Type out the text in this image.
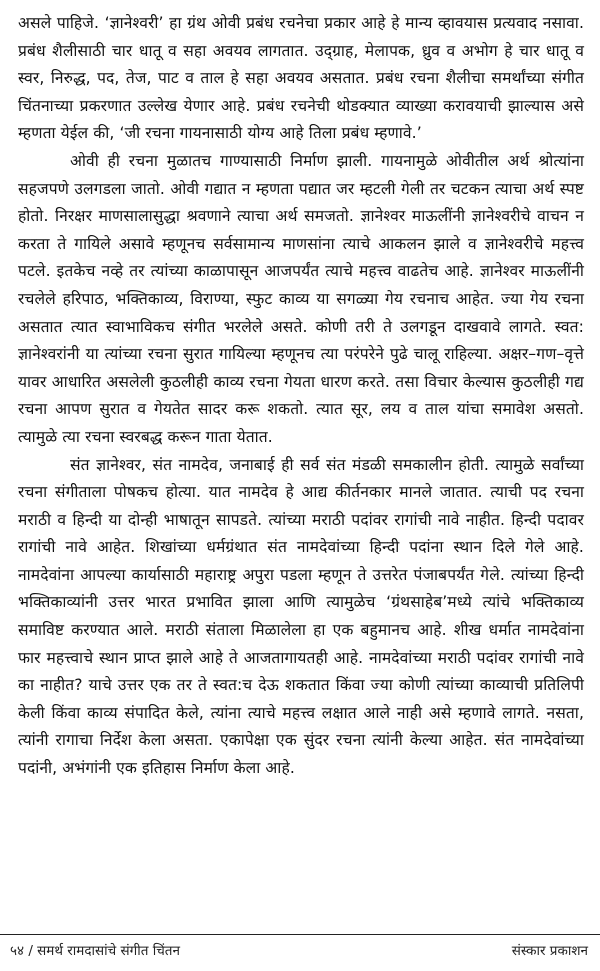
असले पाहिजे. ‘ज्ञानेश्वरी’ हा ग्रंथ ओवी प्रबंध रचनेचा प्रकार आहे हे मान्य व्हावयास प्रत्यवाद नसावा. प्रबंध शैलीसाठी चार धातू व सहा अवयव लागतात. उद्ग्राह, मेलापक, ध्रुव व अभोग हे चार धातू व स्वर, निरुद्ध, पद, तेज, पाट व ताल हे सहा अवयव असतात. प्रबंध रचना शैलीचा समर्थांच्या संगीत चिंतनाच्या प्रकरणात उल्लेख येणार आहे. प्रबंध रचनेची थोडक्यात व्याख्या करावयाची झाल्यास असे म्हणता येईल की, ‘जी रचना गायनासाठी योग्य आहे तिला प्रबंध म्हणावे.’

ओवी ही रचना मुळातच गाण्यासाठी निर्माण झाली. गायनामुळे ओवीतील अर्थ श्रोत्यांना सहजपणे उलगडला जातो. ओवी गद्यात न म्हणता पद्यात जर म्हटली गेली तर चटकन त्याचा अर्थ स्पष्ट होतो. निरक्षर माणसालासुद्धा श्रवणाने त्याचा अर्थ समजतो. ज्ञानेश्वर माऊलींनी ज्ञानेश्वरीचे वाचन न करता ते गायिले असावे म्हणूनच सर्वसामान्य माणसांना त्याचे आकलन झाले व ज्ञानेश्वरीचे महत्त्व पटले. इतकेच नव्हे तर त्यांच्या काळापासून आजपर्यंत त्याचे महत्त्व वाढतेच आहे. ज्ञानेश्वर माऊलींनी रचलेले हरिपाठ, भक्तिकाव्य, विराण्या, स्फुट काव्य या सगळ्या गेय रचनाच आहेत. ज्या गेय रचना असतात त्यात स्वाभाविकच संगीत भरलेले असते. कोणी तरी ते उलगडून दाखवावे लागते. स्वत: ज्ञानेश्वरांनी या त्यांच्या रचना सुरात गायिल्या म्हणूनच त्या परंपरेने पुढे चालू राहिल्या. अक्षर–गण–वृत्ते यावर आधारित असलेली कुठलीही काव्य रचना गेयता धारण करते. तसा विचार केल्यास कुठलीही गद्य रचना आपण सुरात व गेयतेत सादर करू शकतो. त्यात सूर, लय व ताल यांचा समावेश असतो. त्यामुळे त्या रचना स्वरबद्ध करून गाता येतात.

संत ज्ञानेश्वर, संत नामदेव, जनाबाई ही सर्व संत मंडळी समकालीन होती. त्यामुळे सर्वांच्या रचना संगीताला पोषकच होत्या. यात नामदेव हे आद्य कीर्तनकार मानले जातात. त्याची पद रचना मराठी व हिन्दी या दोन्ही भाषातून सापडते. त्यांच्या मराठी पदांवर रागांची नावे नाहीत. हिन्दी पदावर रागांची नावे आहेत. शिखांच्या धर्मग्रंथात संत नामदेवांच्या हिन्दी पदांना स्थान दिले गेले आहे. नामदेवांना आपल्या कार्यासाठी महाराष्ट्र अपुरा पडला म्हणून ते उत्तरेत पंजाबपर्यंत गेले. त्यांच्या हिन्दी भक्तिकाव्यांनी उत्तर भारत प्रभावित झाला आणि त्यामुळेच ‘ग्रंथसाहेब’मध्ये त्यांचे भक्तिकाव्य समाविष्ट करण्यात आले. मराठी संताला मिळालेला हा एक बहुमानच आहे. शीख धर्मात नामदेवांना फार महत्त्वाचे स्थान प्राप्त झाले आहे ते आजतागायतही आहे. नामदेवांच्या मराठी पदांवर रागांची नावे का नाहीत? याचे उत्तर एक तर ते स्वत:च देऊ शकतात किंवा ज्या कोणी त्यांच्या काव्याची प्रतिलिपी केली किंवा काव्य संपादित केले, त्यांना त्याचे महत्त्व लक्षात आले नाही असे म्हणावे लागते. नसता, त्यांनी रागाचा निर्देश केला असता. एकापेक्षा एक सुंदर रचना त्यांनी केल्या आहेत. संत नामदेवांच्या पदांनी, अभंगांनी एक इतिहास निर्माण केला आहे.

५४ / समर्थ रामदासांचे संगीत चिंतन	संस्कार प्रकाशन
